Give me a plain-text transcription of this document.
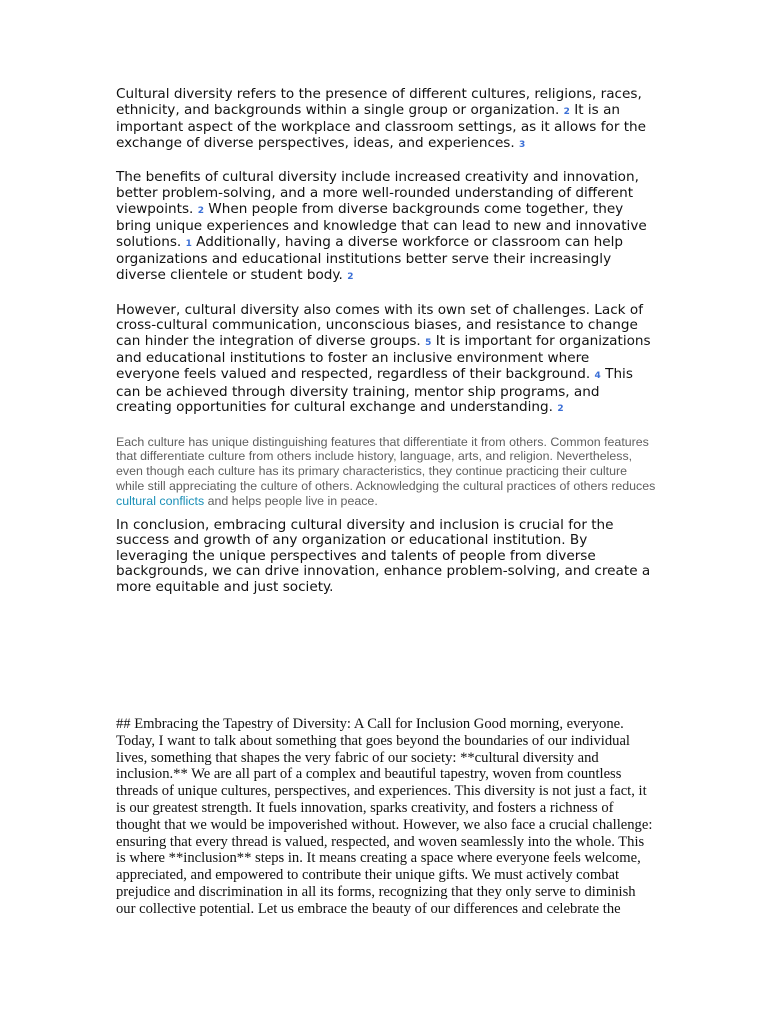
Cultural diversity refers to the presence of different cultures, religions, races, ethnicity, and backgrounds within a single group or organization. 2 It is an important aspect of the workplace and classroom settings, as it allows for the exchange of diverse perspectives, ideas, and experiences. 3

The benefits of cultural diversity include increased creativity and innovation, better problem-solving, and a more well-rounded understanding of different viewpoints. 2 When people from diverse backgrounds come together, they bring unique experiences and knowledge that can lead to new and innovative solutions. 1 Additionally, having a diverse workforce or classroom can help organizations and educational institutions better serve their increasingly diverse clientele or student body. 2

However, cultural diversity also comes with its own set of challenges. Lack of cross-cultural communication, unconscious biases, and resistance to change can hinder the integration of diverse groups. 5 It is important for organizations and educational institutions to foster an inclusive environment where everyone feels valued and respected, regardless of their background. 4 This can be achieved through diversity training, mentor ship programs, and creating opportunities for cultural exchange and understanding. 2

Each culture has unique distinguishing features that differentiate it from others. Common features that differentiate culture from others include history, language, arts, and religion. Nevertheless, even though each culture has its primary characteristics, they continue practicing their culture while still appreciating the culture of others. Acknowledging the cultural practices of others reduces cultural conflicts and helps people live in peace.

In conclusion, embracing cultural diversity and inclusion is crucial for the success and growth of any organization or educational institution. By leveraging the unique perspectives and talents of people from diverse backgrounds, we can drive innovation, enhance problem-solving, and create a more equitable and just society.

## Embracing the Tapestry of Diversity: A Call for Inclusion Good morning, everyone. Today, I want to talk about something that goes beyond the boundaries of our individual lives, something that shapes the very fabric of our society: **cultural diversity and inclusion.** We are all part of a complex and beautiful tapestry, woven from countless threads of unique cultures, perspectives, and experiences. This diversity is not just a fact, it is our greatest strength. It fuels innovation, sparks creativity, and fosters a richness of thought that we would be impoverished without. However, we also face a crucial challenge: ensuring that every thread is valued, respected, and woven seamlessly into the whole. This is where **inclusion** steps in. It means creating a space where everyone feels welcome, appreciated, and empowered to contribute their unique gifts. We must actively combat prejudice and discrimination in all its forms, recognizing that they only serve to diminish our collective potential. Let us embrace the beauty of our differences and celebrate the
